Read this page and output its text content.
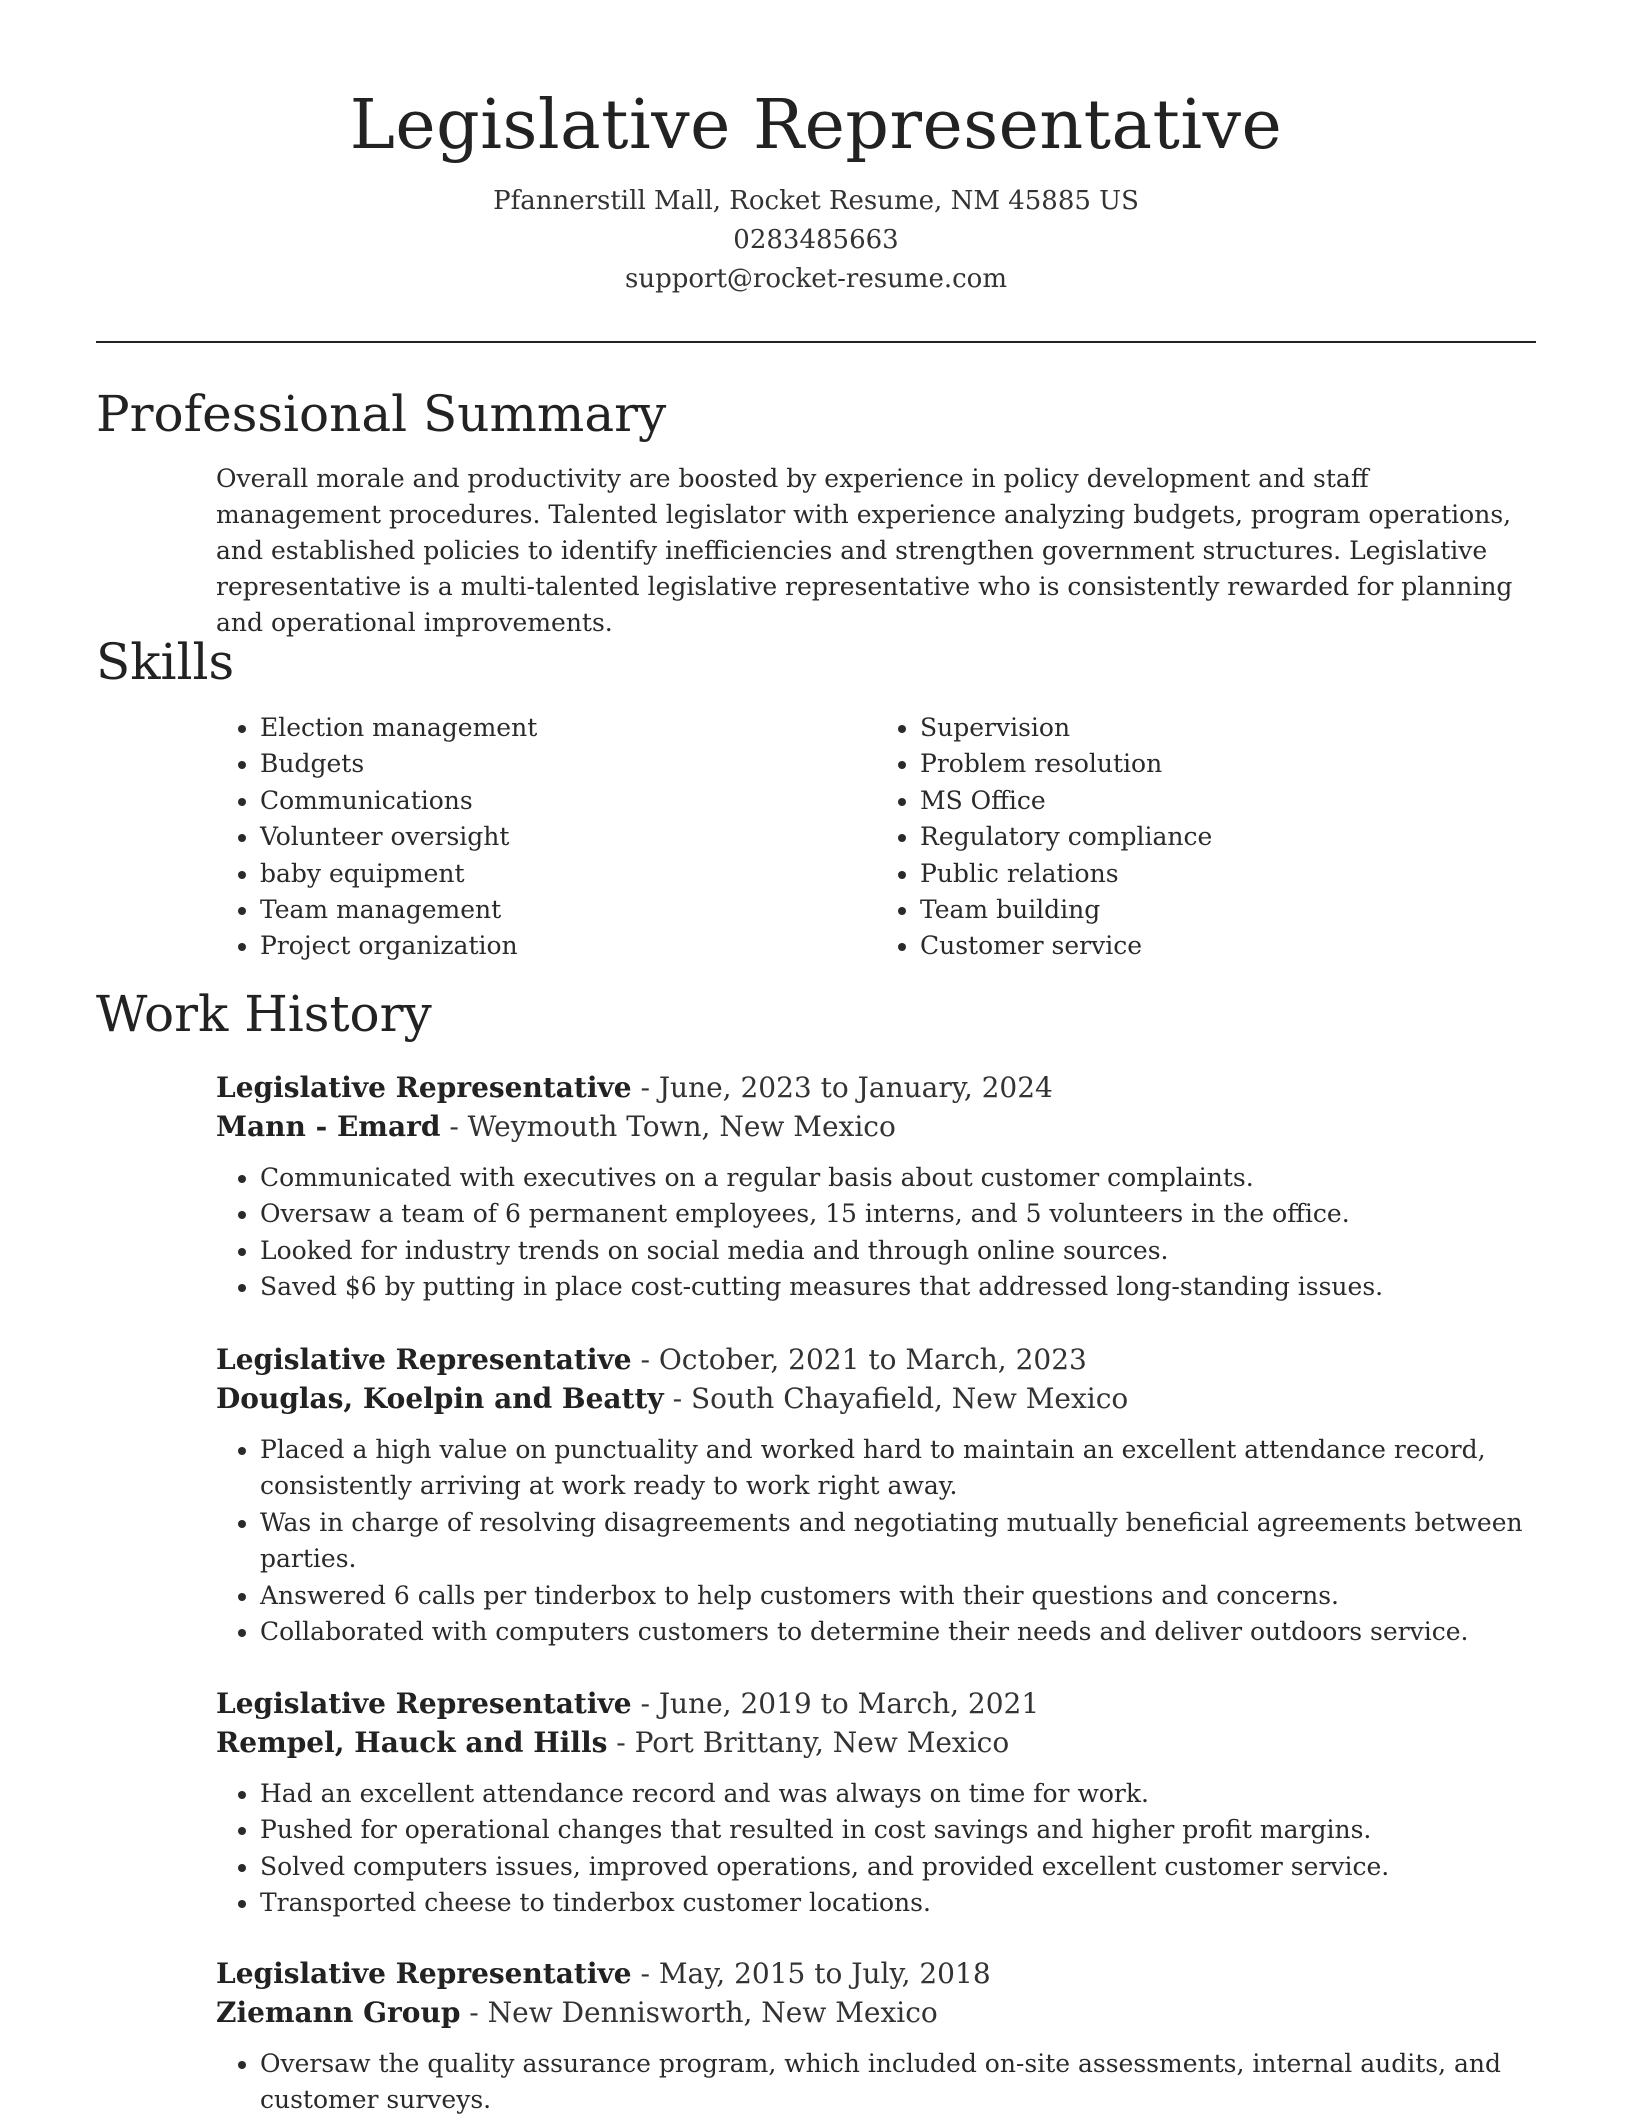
Legislative Representative
Pfannerstill Mall, Rocket Resume, NM 45885 US
0283485663
support@rocket-resume.com
Professional Summary

Overall morale and productivity are boosted by experience in policy development and staff management procedures. Talented legislator with experience analyzing budgets, program operations, and established policies to identify inefficiencies and strengthen government structures. Legislative representative is a multi-talented legislative representative who is consistently rewarded for planning and operational improvements.

Skills
• Election management
• Budgets
• Communications
• Volunteer oversight
• baby equipment
• Team management
• Project organization
• Supervision
• Problem resolution
• MS Office
• Regulatory compliance
• Public relations
• Team building
• Customer service
Work History
Legislative Representative - June, 2023 to January, 2024
Mann - Emard - Weymouth Town, New Mexico
• Communicated with executives on a regular basis about customer complaints.
• Oversaw a team of 6 permanent employees, 15 interns, and 5 volunteers in the office.
• Looked for industry trends on social media and through online sources.
• Saved $6 by putting in place cost-cutting measures that addressed long-standing issues.
Legislative Representative - October, 2021 to March, 2023
Douglas, Koelpin and Beatty - South Chayafield, New Mexico
• Placed a high value on punctuality and worked hard to maintain an excellent attendance record, consistently arriving at work ready to work right away.
• Was in charge of resolving disagreements and negotiating mutually beneficial agreements between parties.
• Answered 6 calls per tinderbox to help customers with their questions and concerns.
• Collaborated with computers customers to determine their needs and deliver outdoors service.
Legislative Representative - June, 2019 to March, 2021
Rempel, Hauck and Hills - Port Brittany, New Mexico
• Had an excellent attendance record and was always on time for work.
• Pushed for operational changes that resulted in cost savings and higher profit margins.
• Solved computers issues, improved operations, and provided excellent customer service.
• Transported cheese to tinderbox customer locations.
Legislative Representative - May, 2015 to July, 2018
Ziemann Group - New Dennisworth, New Mexico
• Oversaw the quality assurance program, which included on-site assessments, internal audits, and customer surveys.
